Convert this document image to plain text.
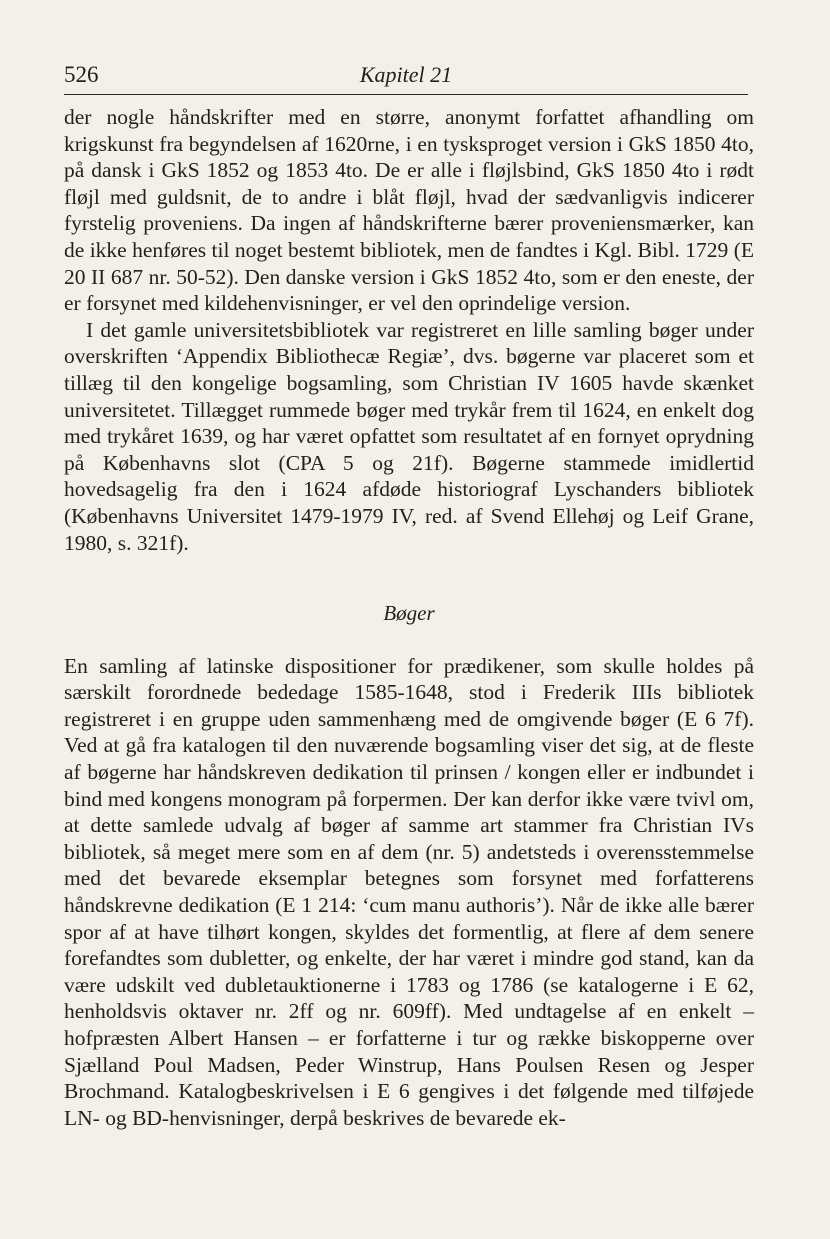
526	Kapitel 21

der nogle håndskrifter med en større, anonymt forfattet afhandling om krigskunst fra begyndelsen af 1620rne, i en tysksproget version i GkS 1850 4to, på dansk i GkS 1852 og 1853 4to. De er alle i fløjlsbind, GkS 1850 4to i rødt fløjl med guldsnit, de to andre i blåt fløjl, hvad der sædvanligvis indicerer fyrstelig proveniens. Da ingen af håndskrifterne bærer proveniensmærker, kan de ikke henføres til noget bestemt bibliotek, men de fandtes i Kgl. Bibl. 1729 (E 20 II 687 nr. 50-52). Den danske version i GkS 1852 4to, som er den eneste, der er forsynet med kildehenvisninger, er vel den oprindelige version.

I det gamle universitetsbibliotek var registreret en lille samling bøger under overskriften ‘Appendix Bibliothecæ Regiæ’, dvs. bøgerne var placeret som et tillæg til den kongelige bogsamling, som Christian IV 1605 havde skænket universitetet. Tillægget rummede bøger med trykår frem til 1624, en enkelt dog med trykåret 1639, og har været opfattet som resultatet af en fornyet oprydning på Københavns slot (CPA 5 og 21f). Bøgerne stammede imidlertid hovedsagelig fra den i 1624 afdøde historiograf Lyschanders bibliotek (Københavns Universitet 1479-1979 IV, red. af Svend Ellehøj og Leif Grane, 1980, s. 321f).

Bøger

En samling af latinske dispositioner for prædikener, som skulle holdes på særskilt forordnede bededage 1585-1648, stod i Frederik IIIs bibliotek registreret i en gruppe uden sammenhæng med de omgivende bøger (E 6 7f). Ved at gå fra katalogen til den nuværende bogsamling viser det sig, at de fleste af bøgerne har håndskreven dedikation til prinsen / kongen eller er indbundet i bind med kongens monogram på forpermen. Der kan derfor ikke være tvivl om, at dette samlede udvalg af bøger af samme art stammer fra Christian IVs bibliotek, så meget mere som en af dem (nr. 5) andetsteds i overensstemmelse med det bevarede eksemplar betegnes som forsynet med forfatterens håndskrevne dedikation (E 1 214: ‘cum manu authoris’). Når de ikke alle bærer spor af at have tilhørt kongen, skyldes det formentlig, at flere af dem senere forefandtes som dubletter, og enkelte, der har været i mindre god stand, kan da være udskilt ved dubletauktionerne i 1783 og 1786 (se katalogerne i E 62, henholdsvis oktaver nr. 2ff og nr. 609ff). Med undtagelse af en enkelt – hofpræsten Albert Hansen – er forfatterne i tur og række biskopperne over Sjælland Poul Madsen, Peder Winstrup, Hans Poulsen Resen og Jesper Brochmand. Katalogbeskrivelsen i E 6 gengives i det følgende med tilføjede LN- og BD-henvisninger, derpå beskrives de bevarede ek-
